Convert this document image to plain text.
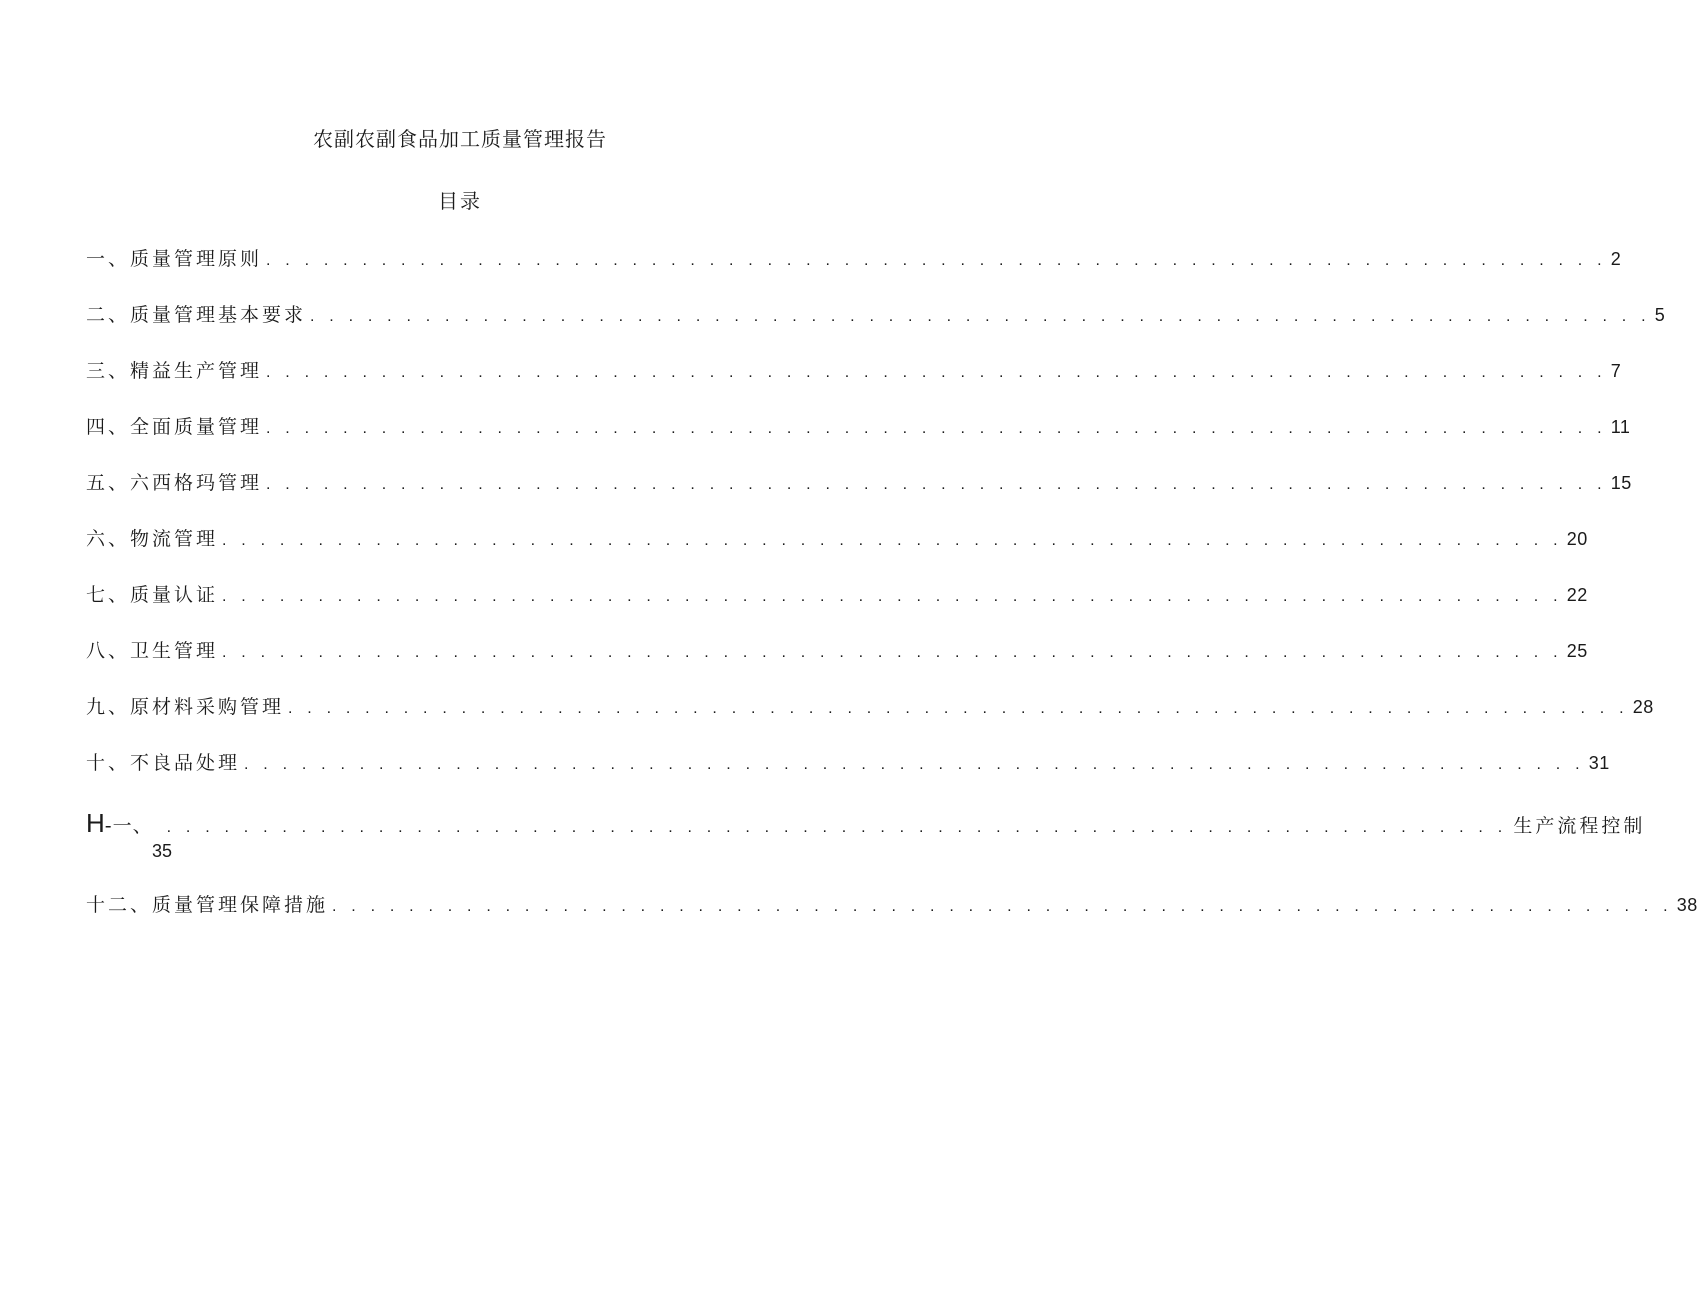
农副农副食品加工质量管理报告
目录
一、质量管理原则 . . . . . . . . . . . . . . . . . . . . . . . . . . . . . . . . . . . . . . . . . . . . . . . . . . . . . . . . . . . . . . . . . . . . . . 2
二、质量管理基本要求 . . . . . . . . . . . . . . . . . . . . . . . . . . . . . . . . . . . . . . . . . . . . . . . . . . . . . . . . . . . . . . . . . . . . . . 5
三、精益生产管理 . . . . . . . . . . . . . . . . . . . . . . . . . . . . . . . . . . . . . . . . . . . . . . . . . . . . . . . . . . . . . . . . . . . . . . 7
四、全面质量管理 . . . . . . . . . . . . . . . . . . . . . . . . . . . . . . . . . . . . . . . . . . . . . . . . . . . . . . . . . . . . . . . . . . . . . . 11
五、六西格玛管理 . . . . . . . . . . . . . . . . . . . . . . . . . . . . . . . . . . . . . . . . . . . . . . . . . . . . . . . . . . . . . . . . . . . . . . 15
六、物流管理 . . . . . . . . . . . . . . . . . . . . . . . . . . . . . . . . . . . . . . . . . . . . . . . . . . . . . . . . . . . . . . . . . . . . . . 20
七、质量认证 . . . . . . . . . . . . . . . . . . . . . . . . . . . . . . . . . . . . . . . . . . . . . . . . . . . . . . . . . . . . . . . . . . . . . . 22
八、卫生管理 . . . . . . . . . . . . . . . . . . . . . . . . . . . . . . . . . . . . . . . . . . . . . . . . . . . . . . . . . . . . . . . . . . . . . . 25
九、原材料采购管理 . . . . . . . . . . . . . . . . . . . . . . . . . . . . . . . . . . . . . . . . . . . . . . . . . . . . . . . . . . . . . . . . . . . . . . 28
十、不良品处理 . . . . . . . . . . . . . . . . . . . . . . . . . . . . . . . . . . . . . . . . . . . . . . . . . . . . . . . . . . . . . . . . . . . . . . 31
H -一、 . . . . . . . . . . . . . . . . . . . . . . . . . . . . . . . . . . . . . . . . . . . . . . . . . . . . . . . . . . . . . . . . . . . . . . 生产流程控制
十二、质量管理保障措施 . . . . . . . . . . . . . . . . . . . . . . . . . . . . . . . . . . . . . . . . . . . . . . . . . . . . . . . . . . . . . . . . . . . . . . 38
35
